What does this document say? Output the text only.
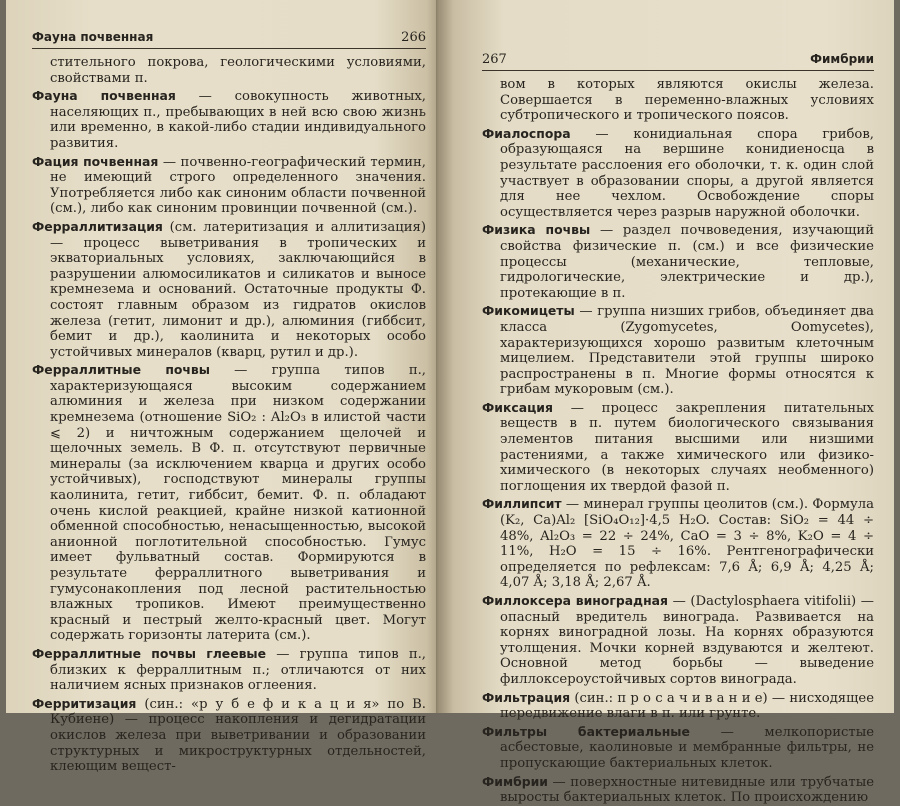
Фауна почвенная	266

стительного покрова, геологическими условиями, свойствами п.

Фауна почвенная — совокупность животных, населяющих п., пребывающих в ней всю свою жизнь или временно, в какой-либо стадии индивидуального развития.

Фация почвенная — почвенно-географический термин, не имеющий строго определенного значения. Употребляется либо как синоним области почвенной (см.), либо как синоним провинции почвенной (см.).

Ферраллитизация (см. латеритизация и аллитизация) — процесс выветривания в тропических и экваториальных условиях, заключающийся в разрушении алюмосиликатов и силикатов и выносе кремнезема и оснований. Остаточные продукты Ф. состоят главным образом из гидратов окислов железа (гетит, лимонит и др.), алюминия (гиббсит, бемит и др.), каолинита и некоторых особо устойчивых минералов (кварц, рутил и др.).

Ферраллитные почвы — группа типов п., характеризующаяся высоким содержанием алюминия и железа при низком содержании кремнезема (отношение SiO₂ : Al₂O₃ в илистой части ⩽ 2) и ничтожным содержанием щелочей и щелочных земель. В Ф. п. отсутствуют первичные минералы (за исключением кварца и других особо устойчивых), господствуют минералы группы каолинита, гетит, гиббсит, бемит. Ф. п. обладают очень кислой реакцией, крайне низкой катионной обменной способностью, ненасыщенностью, высокой анионной поглотительной способностью. Гумус имеет фульватный состав. Формируются в результате ферраллитного выветривания и гумусонакопления под лесной растительностью влажных тропиков. Имеют преимущественно красный и пестрый желто-красный цвет. Могут содержать горизонты латерита (см.).

Ферраллитные почвы глеевые — группа типов п., близких к ферраллитным п.; отличаются от них наличием ясных признаков оглеения.

Ферритизация (син.: «р у б е ф и к а ц и я» по В. Кубиене) — процесс накопления и дегидратации окислов железа при выветривании и образовании структурных и микроструктурных отдельностей, клеющим вещест-

267	Фимбрии

вом в которых являются окислы железа. Совершается в переменно-влажных условиях субтропического и тропического поясов.

Фиалоспора — конидиальная спора грибов, образующаяся на вершине конидиеносца в результате расслоения его оболочки, т. к. один слой участвует в образовании споры, а другой является для нее чехлом. Освобождение споры осуществляется через разрыв наружной оболочки.

Физика почвы — раздел почвоведения, изучающий свойства физические п. (см.) и все физические процессы (механические, тепловые, гидрологические, электрические и др.), протекающие в п.

Фикомицеты — группа низших грибов, объединяет два класса (Zygomycetes, Oomycetes), характеризующихся хорошо развитым клеточным мицелием. Представители этой группы широко распространены в п. Многие формы относятся к грибам мукоровым (см.).

Фиксация — процесс закрепления питательных веществ в п. путем биологического связывания элементов питания высшими или низшими растениями, а также химического или физико-химического (в некоторых случаях необменного) поглощения их твердой фазой п.

Филлипсит — минерал группы цеолитов (см.). Формула (K₂, Ca)Al₂ [SiO₄O₁₂]·4,5 H₂O. Состав: SiO₂ = 44 ÷ 48%, Al₂O₃ = 22 ÷ 24%, CaO = 3 ÷ 8%, K₂O = 4 ÷ 11%, H₂O = 15 ÷ 16%. Рентгенографически определяется по рефлексам: 7,6 Å; 6,9 Å; 4,25 Å; 4,07 Å; 3,18 Å; 2,67 Å.

Филлоксера виноградная — (Dactylosphaera vitifolii) — опасный вредитель винограда. Развивается на корнях виноградной лозы. На корнях образуются утолщения. Мочки корней вздуваются и желтеют. Основной метод борьбы — выведение филлоксероустойчивых сортов винограда.

Фильтрация (син.: п р о с а ч и в а н и е) — нисходящее передвижение влаги в п. или грунте.

Фильтры бактериальные — мелкопористые асбестовые, каолиновые и мембранные фильтры, не пропускающие бактериальных клеток.

Фимбрии — поверхностные нитевидные или трубчатые выросты бактериальных клеток. По происхождению
